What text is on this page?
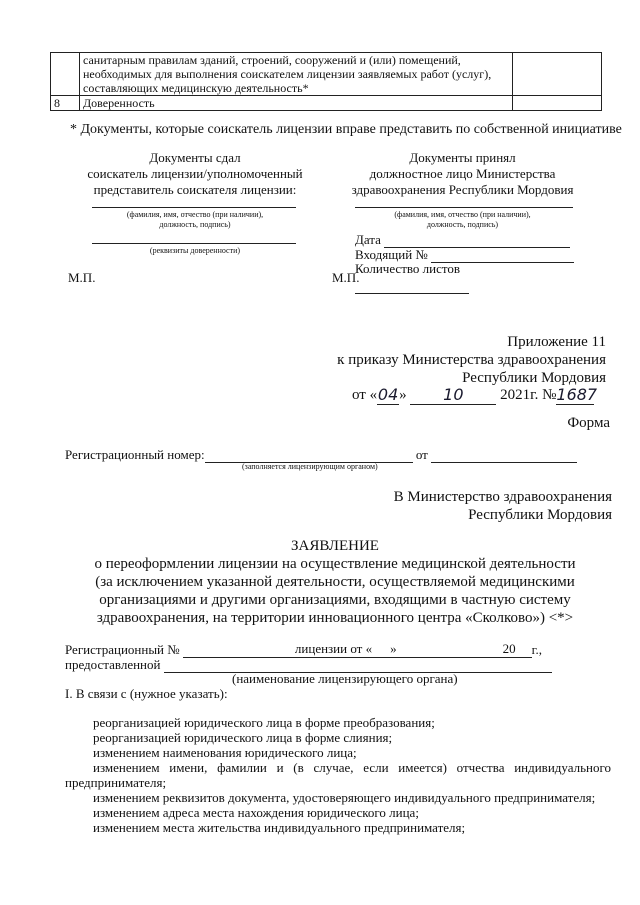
	санитарным правилам зданий, строений, сооружений и (или) помещений, необходимых для выполнения соискателем лицензии заявляемых работ (услуг), составляющих медицинскую деятельность*	
8	Доверенность	
* Документы, которые соискатель лицензии вправе представить по собственной инициативе
Документы сдал
соискатель лицензии/уполномоченный
представитель соискателя лицензии:
(фамилия, имя, отчество (при наличии),
должность, подпись)
(реквизиты доверенности)
М.П.
Документы принял
должностное лицо Министерства
здравоохранения Республики Мордовия
(фамилия, имя, отчество (при наличии),
должность, подпись)
Дата
Входящий №
Количество листов
М.П.
Приложение 11
к приказу Министерства здравоохранения
Республики Мордовия
от «04» 10 2021г. №1687
Форма
Регистрационный номер:	от
(заполняется лицензирующим органом)
В Министерство здравоохранения
Республики Мордовия
ЗАЯВЛЕНИЕ
о переоформлении лицензии на осуществление медицинской деятельности
(за исключением указанной деятельности, осуществляемой медицинскими
организациями и другими организациями, входящими в частную систему
здравоохранения, на территории инновационного центра «Сколково») <*>
Регистрационный №	лицензии от « »	20 г.,
предоставленной
(наименование лицензирующего органа)
I. В связи с (нужное указать):
реорганизацией юридического лица в форме преобразования;
реорганизацией юридического лица в форме слияния;
изменением наименования юридического лица;
изменением имени, фамилии и (в случае, если имеется) отчества индивидуального
предпринимателя;
изменением реквизитов документа, удостоверяющего индивидуального предпринимателя;
изменением адреса места нахождения юридического лица;
изменением места жительства индивидуального предпринимателя;
